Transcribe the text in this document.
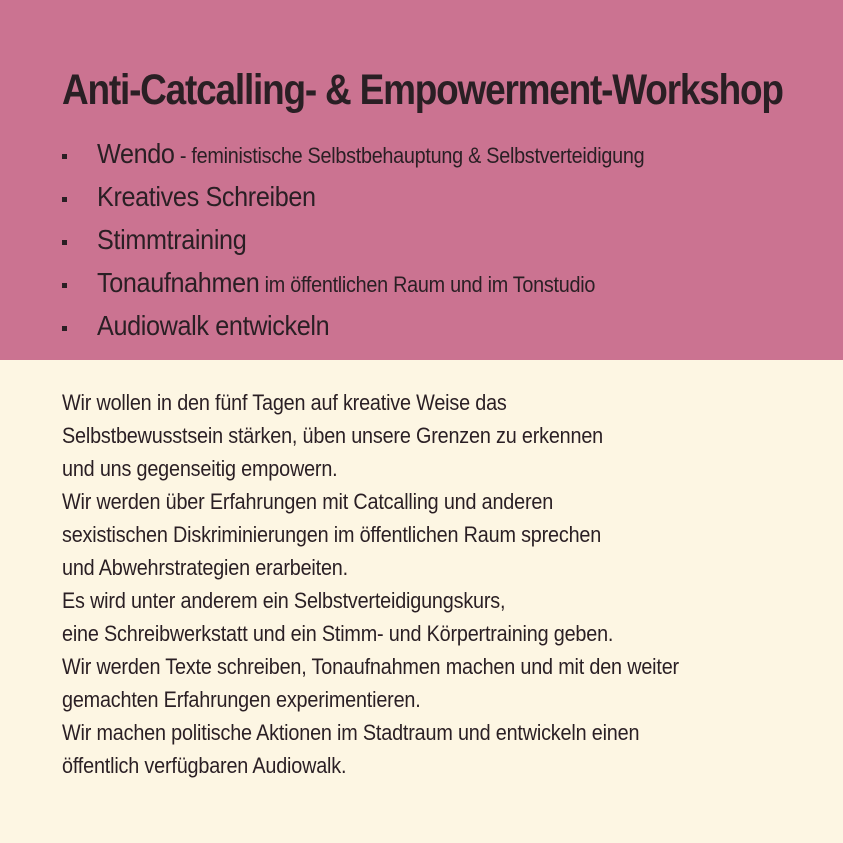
Anti-Catcalling- & Empowerment-Workshop
Wendo - feministische Selbstbehauptung & Selbstverteidigung
Kreatives Schreiben
Stimmtraining
Tonaufnahmen im öffentlichen Raum und im Tonstudio
Audiowalk entwickeln
Wir wollen in den fünf Tagen auf kreative Weise das
Selbstbewusstsein stärken, üben unsere Grenzen zu erkennen
und uns gegenseitig empowern.
Wir werden über Erfahrungen mit Catcalling und anderen
sexistischen Diskriminierungen im öffentlichen Raum sprechen
und Abwehrstrategien erarbeiten.
Es wird unter anderem ein Selbstverteidigungskurs,
eine Schreibwerkstatt und ein Stimm- und Körpertraining geben.
Wir werden Texte schreiben, Tonaufnahmen machen und mit den weiter
gemachten Erfahrungen experimentieren.
Wir machen politische Aktionen im Stadtraum und entwickeln einen
öffentlich verfügbaren Audiowalk.
